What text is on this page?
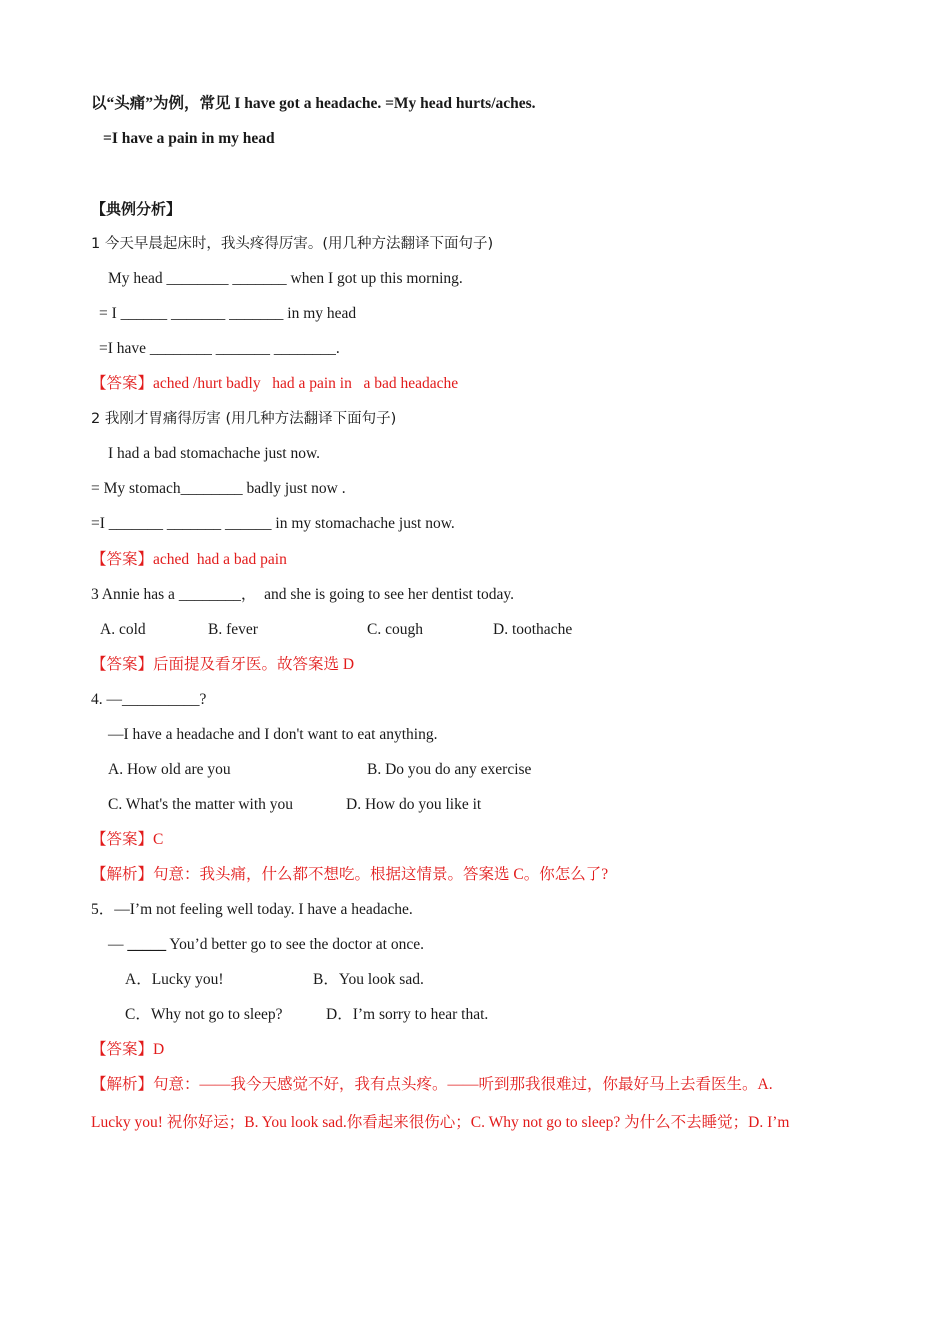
以“头痛”为例，常见 I have got a headache. =My head hurts/aches.
=I have a pain in my head
【典例分析】
1 今天早晨起床时，我头疼得厉害。(用几种方法翻译下面句子)
My head ________ _______ when I got up this morning.
= I ______ _______ _______ in my head
=I have ________ _______ ________.
【答案】ached /hurt badly   had a pain in   a bad headache
2 我刚才胃痛得厉害 (用几种方法翻译下面句子)
I had a bad stomachache just now.
= My stomach________ badly just now .
=I _______ _______ ______ in my stomachache just now.
【答案】ached  had a bad pain
3 Annie has a ________，  and she is going to see her dentist today.
A. cold	B. fever	C. cough	D. toothache
【答案】后面提及看牙医。故答案选 D
4. —__________?
—I have a headache and I don't want to eat anything.
A. How old are you	B. Do you do any exercise
C. What's the matter with you	D. How do you like it
【答案】C
【解析】句意：我头痛，什么都不想吃。根据这情景。答案选 C。你怎么了?
5．—I’m not feeling well today. I have a headache.
— _____ You’d better go to see the doctor at once.
A．Lucky you!	B．You look sad.
C．Why not go to sleep?	D．I’m sorry to hear that.
【答案】D
【解析】句意：——我今天感觉不好，我有点头疼。——听到那我很难过，你最好马上去看医生。A.
Lucky you! 祝你好运；B. You look sad.你看起来很伤心；C. Why not go to sleep? 为什么不去睡觉；D. I’m
